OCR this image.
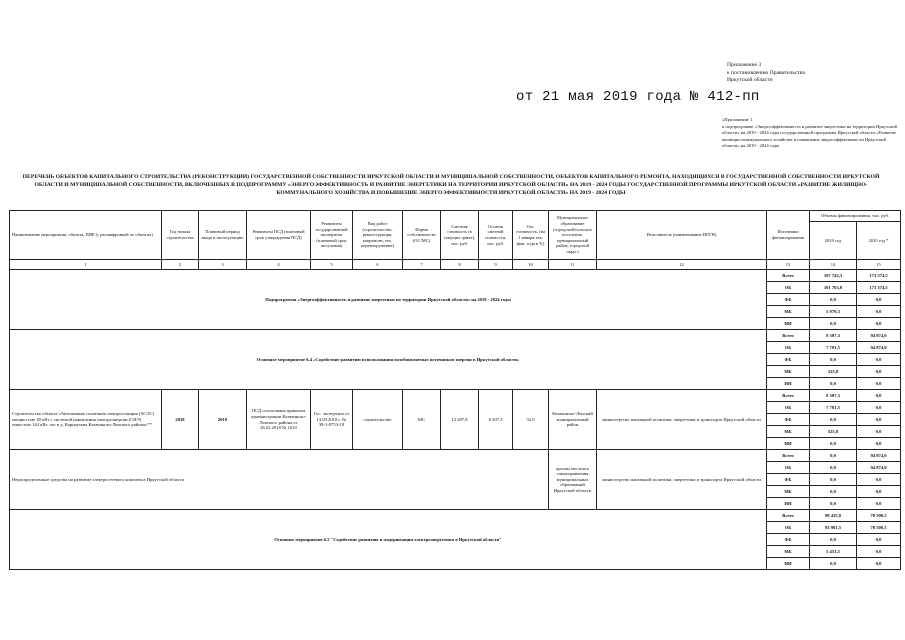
Приложение 3
к постановлению Правительства
Иркутской области
от 21 мая 2019 года № 412-пп
«Приложение 1
к подпрограмме «Энергоэффективность и развитие энергетики на территории Иркутской области» на 2019 - 2024 годы государственной программы Иркутской области «Развитие жилищно-коммунального хозяйства и повышение энергоэффективности Иркутской области» на 2019 - 2024 годы
ПЕРЕЧЕНЬ ОБЪЕКТОВ КАПИТАЛЬНОГО СТРОИТЕЛЬСТВА (РЕКОНСТРУКЦИИ) ГОСУДАРСТВЕННОЙ СОБСТВЕННОСТИ ИРКУТСКОЙ ОБЛАСТИ И МУНИЦИПАЛЬНОЙ СОБСТВЕННОСТИ, ОБЪЕКТОВ КАПИТАЛЬНОГО РЕМОНТА, НАХОДЯЩИХСЯ В ГОСУДАРСТВЕННОЙ СОБСТВЕННОСТИ ИРКУТСКОЙ ОБЛАСТИ И МУНИЦИПАЛЬНОЙ СОБСТВЕННОСТИ, ВКЛЮЧЕННЫХ В ПОДПРОГРАММУ «ЭНЕРГОЭФФЕКТИВНОСТЬ И РАЗВИТИЕ ЭНЕРГЕТИКИ НА ТЕРРИТОРИИ ИРКУТСКОЙ ОБЛАСТИ» НА 2019 - 2024 ГОДЫ ГОСУДАРСТВЕННОЙ ПРОГРАММЫ ИРКУТСКОЙ ОБЛАСТИ «РАЗВИТИЕ ЖИЛИЩНО-КОММУНАЛЬНОГО ХОЗЯЙСТВА И ПОВЫШЕНИЕ ЭНЕРГОЭФФЕКТИВНОСТИ ИРКУТСКОЙ ОБЛАСТИ» НА 2019 - 2024 ГОДЫ
Наименование мероприятия, объекта, ПИР (с расшифровкой по объекты)	Год начала строительства	Плановый период ввода в эксплуатацию	Реквизиты ПСД (плановый срок утверждения ПСД)	Реквизиты государственной экспертизы (плановый срок получения)	Вид работ (строительство, реконструкция, капремонт, тех. перевооружение)	Форма собственности (ОС/МС)	Сметная стоимость (в текущих ценах), тыс. руб.	Остаток сметной стоимости, тыс. руб.	Тех. готовность, (на 1 января тек. фин. года в %)	Муниципальное образование (городской/сельское поселение, муниципальный район, городской округ)	Исполнитель (наименование ИОГВ)	Источники финансирования	Объемы финансирования, тыс. руб.	
													2019 год	2020 год *
1	2	3	4	5	6	7	8	9	10	11	12	13	14	15
Подпрограмма «Энергоэффективность и развитие энергетики на территории Иркутской области» на 2019 - 2024 годы												Всего	107 742,3	173 374,5
												ОБ	101 763,0	173 374,5
												ФБ	0,0	0,0
												МБ	5 979,3	0,0
												ИИ	0,0	0,0
Основное мероприятие 6.4 «Содействие развитию использования возобновляемых источников энергии в Иркутской области»												Всего	8 307,3	94 874,0
												ОБ	7 781,5	94 874,0
												ФБ	0,0	0,0
												МБ	525,8	0,0
												ИИ	0,0	0,0
Строительство объекта «Автономная солнечная электростанция (АСЭС) мощностью 40 кВт с системой накопления электроэнергии (СНЭ) емкостью 144 кВт. час в д. Карнаухова Казачинско-Ленского района»**	2018	2019	ПСД согласована приказом администрации Казачинско-Ленского района от 26.02.2018 № 1010	Гос. экспертиза от 13.09.2018 г. № 38-1-0753-18	строительство	МС	12 287,8	8 307,3	32,0	Казачинско-Ленский муниципальный район	министерство жилищной политики, энергетики и транспорта Иркутской области	Всего	8 307,3	0,0
												ОБ	7 781,5	0,0
												ФБ	0,0	0,0
												МБ	525,8	0,0
												ИИ	0,0	0,0
Нераспределенные средства на развитие электросетевого комплекса Иркутской области										органы местного самоуправления муниципальных образований Иркутской области	министерство жилищной политики, энергетики и транспорта Иркутской области	Всего	0,0	94 874,0
												ОБ	0,0	94 874,0
												ФБ	0,0	0,0
												МБ	0,0	0,0
												ИИ	0,0	0,0
Основное мероприятие 6.5 "Содействие развитию и модернизации электроэнергетики в Иркутской области"												Всего	99 435,0	78 500,5
												ОБ	93 981,5	78 500,5
												ФБ	0,0	0,0
												МБ	5 453,5	0,0
												ИИ	0,0	0,0
